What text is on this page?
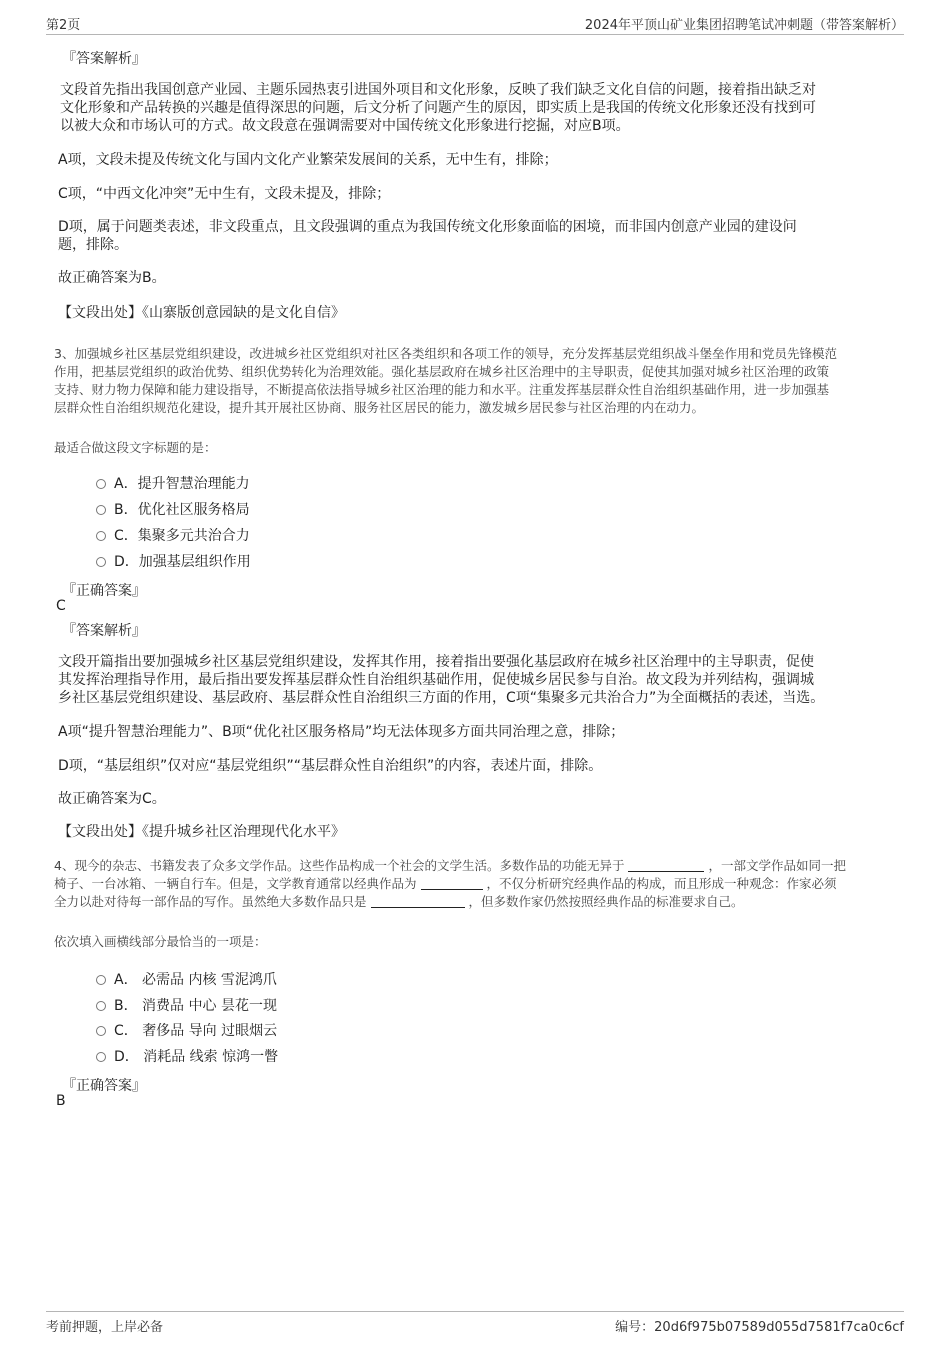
第2页	2024年平顶山矿业集团招聘笔试冲刺题（带答案解析）
『答案解析』
文段首先指出我国创意产业园、主题乐园热衷引进国外项目和文化形象，反映了我们缺乏文化自信的问题，接着指出缺乏对
文化形象和产品转换的兴趣是值得深思的问题，后文分析了问题产生的原因，即实质上是我国的传统文化形象还没有找到可
以被大众和市场认可的方式。故文段意在强调需要对中国传统文化形象进行挖掘，对应B项。
A项，文段未提及传统文化与国内文化产业繁荣发展间的关系，无中生有，排除；
C项，“中西文化冲突”无中生有，文段未提及，排除；
D项，属于问题类表述，非文段重点，且文段强调的重点为我国传统文化形象面临的困境，而非国内创意产业园的建设问
题，排除。
故正确答案为B。
【文段出处】《山寨版创意园缺的是文化自信》
3、加强城乡社区基层党组织建设，改进城乡社区党组织对社区各类组织和各项工作的领导，充分发挥基层党组织战斗堡垒作用和党员先锋模范
作用，把基层党组织的政治优势、组织优势转化为治理效能。强化基层政府在城乡社区治理中的主导职责，促使其加强对城乡社区治理的政策
支持、财力物力保障和能力建设指导，不断提高依法指导城乡社区治理的能力和水平。注重发挥基层群众性自治组织基础作用，进一步加强基
层群众性自治组织规范化建设，提升其开展社区协商、服务社区居民的能力，激发城乡居民参与社区治理的内在动力。
最适合做这段文字标题的是：
A．提升智慧治理能力
B．优化社区服务格局
C．集聚多元共治合力
D．加强基层组织作用
『正确答案』
C
『答案解析』
文段开篇指出要加强城乡社区基层党组织建设，发挥其作用，接着指出要强化基层政府在城乡社区治理中的主导职责，促使
其发挥治理指导作用，最后指出要发挥基层群众性自治组织基础作用，促使城乡居民参与自治。故文段为并列结构，强调城
乡社区基层党组织建设、基层政府、基层群众性自治组织三方面的作用，C项“集聚多元共治合力”为全面概括的表述，当选。
A项“提升智慧治理能力”、B项“优化社区服务格局”均无法体现多方面共同治理之意，排除；
D项，“基层组织”仅对应“基层党组织”“基层群众性自治组织”的内容，表述片面，排除。
故正确答案为C。
【文段出处】《提升城乡社区治理现代化水平》
4、现今的杂志、书籍发表了众多文学作品。这些作品构成一个社会的文学生活。多数作品的功能无异于	，一部文学作品如同一把
椅子、一台冰箱、一辆自行车。但是，文学教育通常以经典作品为	，不仅分析研究经典作品的构成，而且形成一种观念：作家必须
全力以赴对待每一部作品的写作。虽然绝大多数作品只是	，但多数作家仍然按照经典作品的标准要求自己。
依次填入画横线部分最恰当的一项是：
A． 必需品 内核 雪泥鸿爪
B． 消费品 中心 昙花一现
C． 奢侈品 导向 过眼烟云
D． 消耗品 线索 惊鸿一瞥
『正确答案』
B
考前押题，上岸必备	编号：20d6f975b07589d055d7581f7ca0c6cf
